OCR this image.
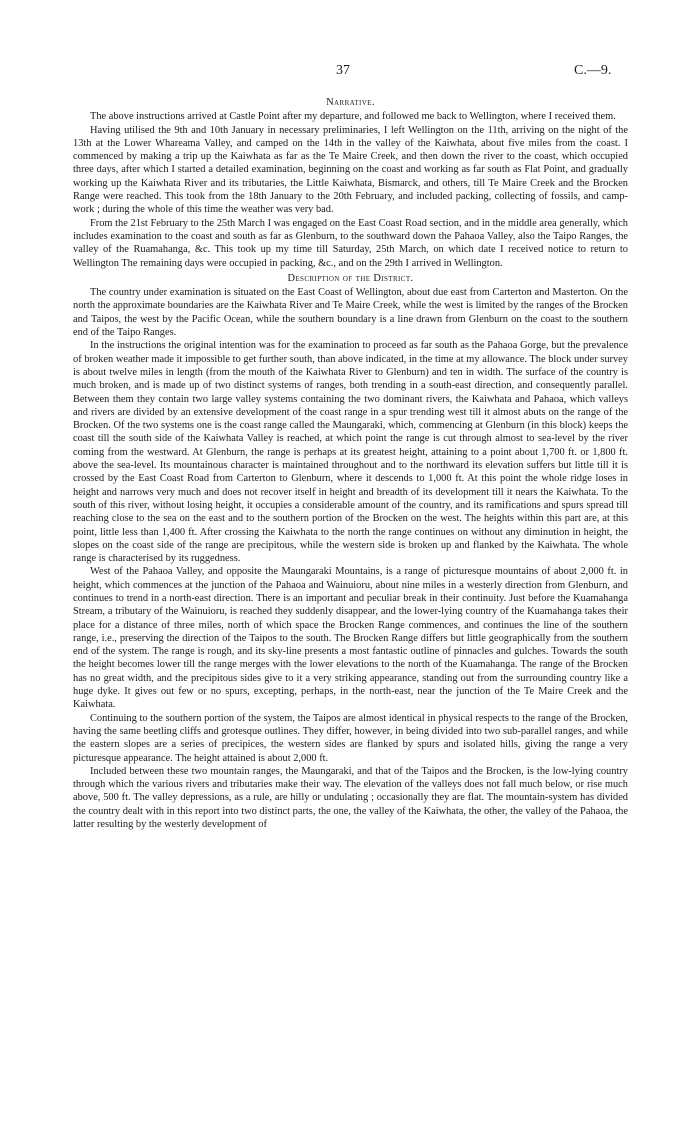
37	C.—9.
Narrative.

The above instructions arrived at Castle Point after my departure, and followed me back to Wellington, where I received them.

Having utilised the 9th and 10th January in necessary preliminaries, I left Wellington on the 11th, arriving on the night of the 13th at the Lower Whareama Valley, and camped on the 14th in the valley of the Kaiwhata, about five miles from the coast. I commenced by making a trip up the Kaiwhata as far as the Te Maire Creek, and then down the river to the coast, which occupied three days, after which I started a detailed examination, beginning on the coast and working as far south as Flat Point, and gradually working up the Kaiwhata River and its tributaries, the Little Kaiwhata, Bismarck, and others, till Te Maire Creek and the Brocken Range were reached. This took from the 18th January to the 20th February, and included packing, collecting of fossils, and camp-work ; during the whole of this time the weather was very bad.

From the 21st February to the 25th March I was engaged on the East Coast Road section, and in the middle area generally, which includes examination to the coast and south as far as Glenburn, to the southward down the Pahaoa Valley, also the Taipo Ranges, the valley of the Ruamahanga, &c. This took up my time till Saturday, 25th March, on which date I received notice to return to Wellington The remaining days were occupied in packing, &c., and on the 29th I arrived in Wellington.

Description of the District.

The country under examination is situated on the East Coast of Wellington, about due east from Carterton and Masterton. On the north the approximate boundaries are the Kaiwhata River and Te Maire Creek, while the west is limited by the ranges of the Brocken and Taipos, the west by the Pacific Ocean, while the southern boundary is a line drawn from Glenburn on the coast to the southern end of the Taipo Ranges.

In the instructions the original intention was for the examination to proceed as far south as the Pahaoa Gorge, but the prevalence of broken weather made it impossible to get further south, than above indicated, in the time at my allowance. The block under survey is about twelve miles in length (from the mouth of the Kaiwhata River to Glenburn) and ten in width. The surface of the country is much broken, and is made up of two distinct systems of ranges, both trending in a south-east direction, and consequently parallel. Between them they contain two large valley systems containing the two dominant rivers, the Kaiwhata and Pahaoa, which valleys and rivers are divided by an extensive development of the coast range in a spur trending west till it almost abuts on the range of the Brocken. Of the two systems one is the coast range called the Maungaraki, which, commencing at Glenburn (in this block) keeps the coast till the south side of the Kaiwhata Valley is reached, at which point the range is cut through almost to sea-level by the river coming from the westward. At Glenburn, the range is perhaps at its greatest height, attaining to a point about 1,700 ft. or 1,800 ft. above the sea-level. Its mountainous character is maintained throughout and to the northward its elevation suffers but little till it is crossed by the East Coast Road from Carterton to Glenburn, where it descends to 1,000 ft. At this point the whole ridge loses in height and narrows very much and does not recover itself in height and breadth of its development till it nears the Kaiwhata. To the south of this river, without losing height, it occupies a considerable amount of the country, and its ramifications and spurs spread till reaching close to the sea on the east and to the southern portion of the Brocken on the west. The heights within this part are, at this point, little less than 1,400 ft. After crossing the Kaiwhata to the north the range continues on without any diminution in height, the slopes on the coast side of the range are precipitous, while the western side is broken up and flanked by the Kaiwhata. The whole range is characterised by its ruggedness.

West of the Pahaoa Valley, and opposite the Maungaraki Mountains, is a range of picturesque mountains of about 2,000 ft. in height, which commences at the junction of the Pahaoa and Wainuioru, about nine miles in a westerly direction from Glenburn, and continues to trend in a north-east direction. There is an important and peculiar break in their continuity. Just before the Kuamahanga Stream, a tributary of the Wainuioru, is reached they suddenly disappear, and the lower-lying country of the Kuamahanga takes their place for a distance of three miles, north of which space the Brocken Range commences, and continues the line of the southern range, i.e., preserving the direction of the Taipos to the south. The Brocken Range differs but little geographically from the southern end of the system. The range is rough, and its sky-line presents a most fantastic outline of pinnacles and gulches. Towards the south the height becomes lower till the range merges with the lower elevations to the north of the Kuamahanga. The range of the Brocken has no great width, and the precipitous sides give to it a very striking appearance, standing out from the surrounding country like a huge dyke. It gives out few or no spurs, excepting, perhaps, in the north-east, near the junction of the Te Maire Creek and the Kaiwhata.

Continuing to the southern portion of the system, the Taipos are almost identical in physical respects to the range of the Brocken, having the same beetling cliffs and grotesque outlines. They differ, however, in being divided into two sub-parallel ranges, and while the eastern slopes are a series of precipices, the western sides are flanked by spurs and isolated hills, giving the range a very picturesque appearance. The height attained is about 2,000 ft.

Included between these two mountain ranges, the Maungaraki, and that of the Taipos and the Brocken, is the low-lying country through which the various rivers and tributaries make their way. The elevation of the valleys does not fall much below, or rise much above, 500 ft. The valley depressions, as a rule, are hilly or undulating ; occasionally they are flat. The mountain-system has divided the country dealt with in this report into two distinct parts, the one, the valley of the Kaiwhata, the other, the valley of the Pahaoa, the latter resulting by the westerly development of
